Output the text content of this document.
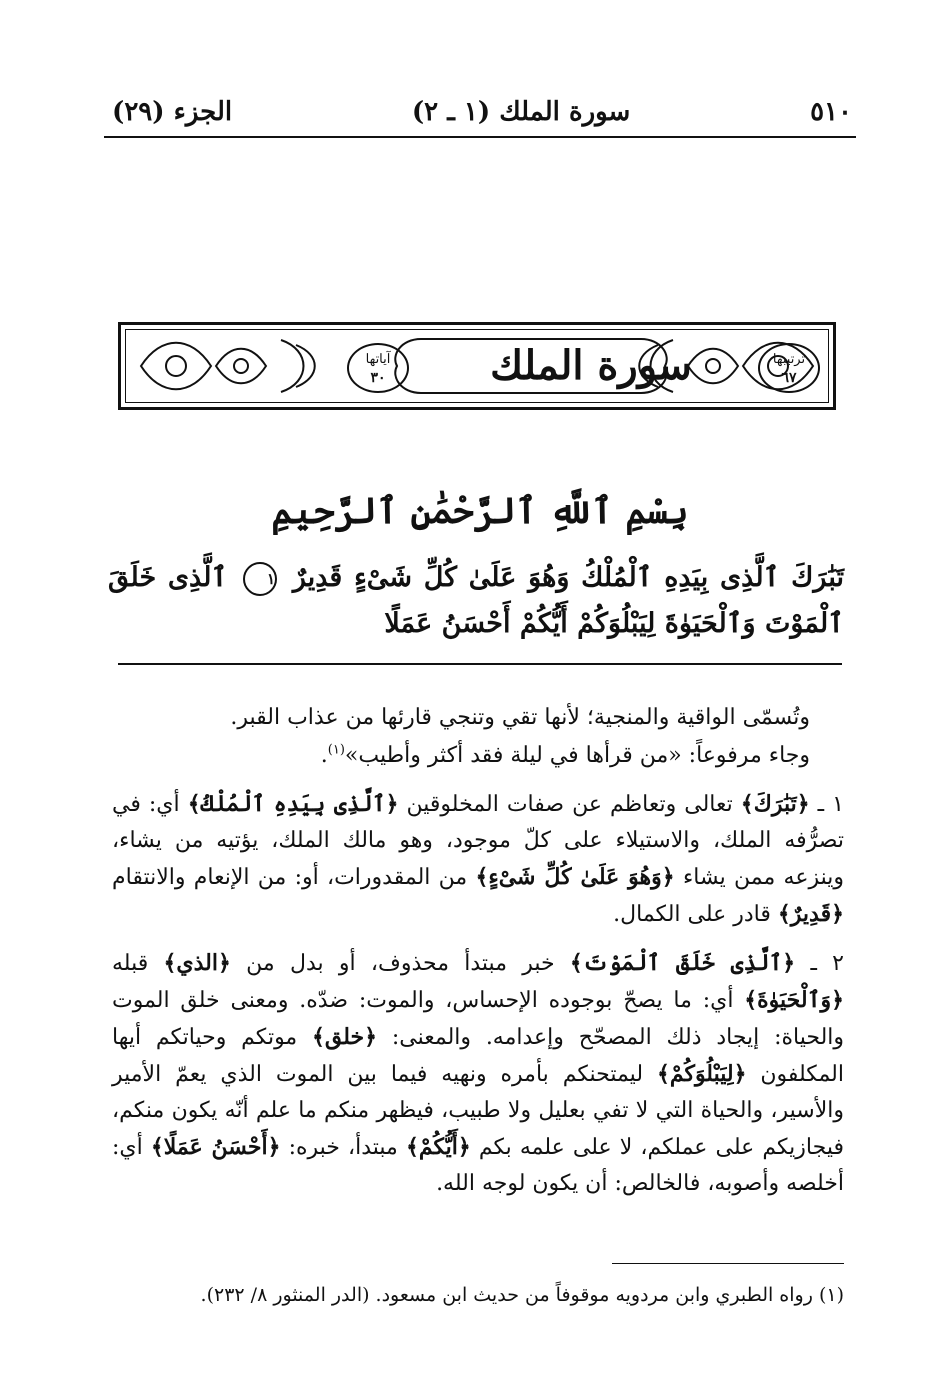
٥١٠
سورة الملك (١ ـ ٢)
الجزء (٢٩)
سورة الملك
آياتها
٣٠
ترتيبها
٦٧
بِسْمِ ٱللَّهِ ٱلرَّحْمَٰنِ ٱلرَّحِيمِ
تَبَٰرَكَ ٱلَّذِى بِيَدِهِ ٱلْمُلْكُ وَهُوَ عَلَىٰ كُلِّ شَىْءٍ قَدِيرٌ ١ ٱلَّذِى خَلَقَ ٱلْمَوْتَ وَٱلْحَيَوٰةَ لِيَبْلُوَكُمْ أَيُّكُمْ أَحْسَنُ عَمَلًا

وتُسمّى الواقية والمنجية؛ لأنها تقي وتنجي قارئها من عذاب القبر.

وجاء مرفوعاً: «من قرأها في ليلة فقد أكثر وأطيب»$^{(١)}$.

١ ـ ﴿تَبَٰرَكَ﴾ تعالى وتعاظم عن صفات المخلوقين ﴿ٱلَّذِى بِيَدِهِ ٱلْمُلْكُ﴾ أي: في تصرُّفه الملك، والاستيلاء على كلّ موجود، وهو مالك الملك، يؤتيه من يشاء، وينزعه ممن يشاء ﴿وَهُوَ عَلَىٰ كُلِّ شَىْءٍ﴾ من المقدورات، أو: من الإنعام والانتقام ﴿قَدِيرٌ﴾ قادر على الكمال.

٢ ـ ﴿ٱلَّذِى خَلَقَ ٱلْمَوْتَ﴾ خبر مبتدأ محذوف، أو بدل من ﴿الذي﴾ قبله ﴿وَٱلْحَيَوٰةَ﴾ أي: ما يصحّ بوجوده الإحساس، والموت: ضدّه. ومعنى خلق الموت والحياة: إيجاد ذلك المصحّح وإعدامه. والمعنى: ﴿خلق﴾ موتكم وحياتكم أيها المكلفون ﴿لِيَبْلُوَكُمْ﴾ ليمتحنكم بأمره ونهيه فيما بين الموت الذي يعمّ الأمير والأسير، والحياة التي لا تفي بعليل ولا طبيب، فيظهر منكم ما علم أنّه يكون منكم، فيجازيكم على عملكم، لا على علمه بكم ﴿أَيُّكُمْ﴾ مبتدأ، خبره: ﴿أَحْسَنُ عَمَلًا﴾ أي: أخلصه وأصوبه، فالخالص: أن يكون لوجه الله.

(١) رواه الطبري وابن مردويه موقوفاً من حديث ابن مسعود. (الدر المنثور ٨/ ٢٣٢).
